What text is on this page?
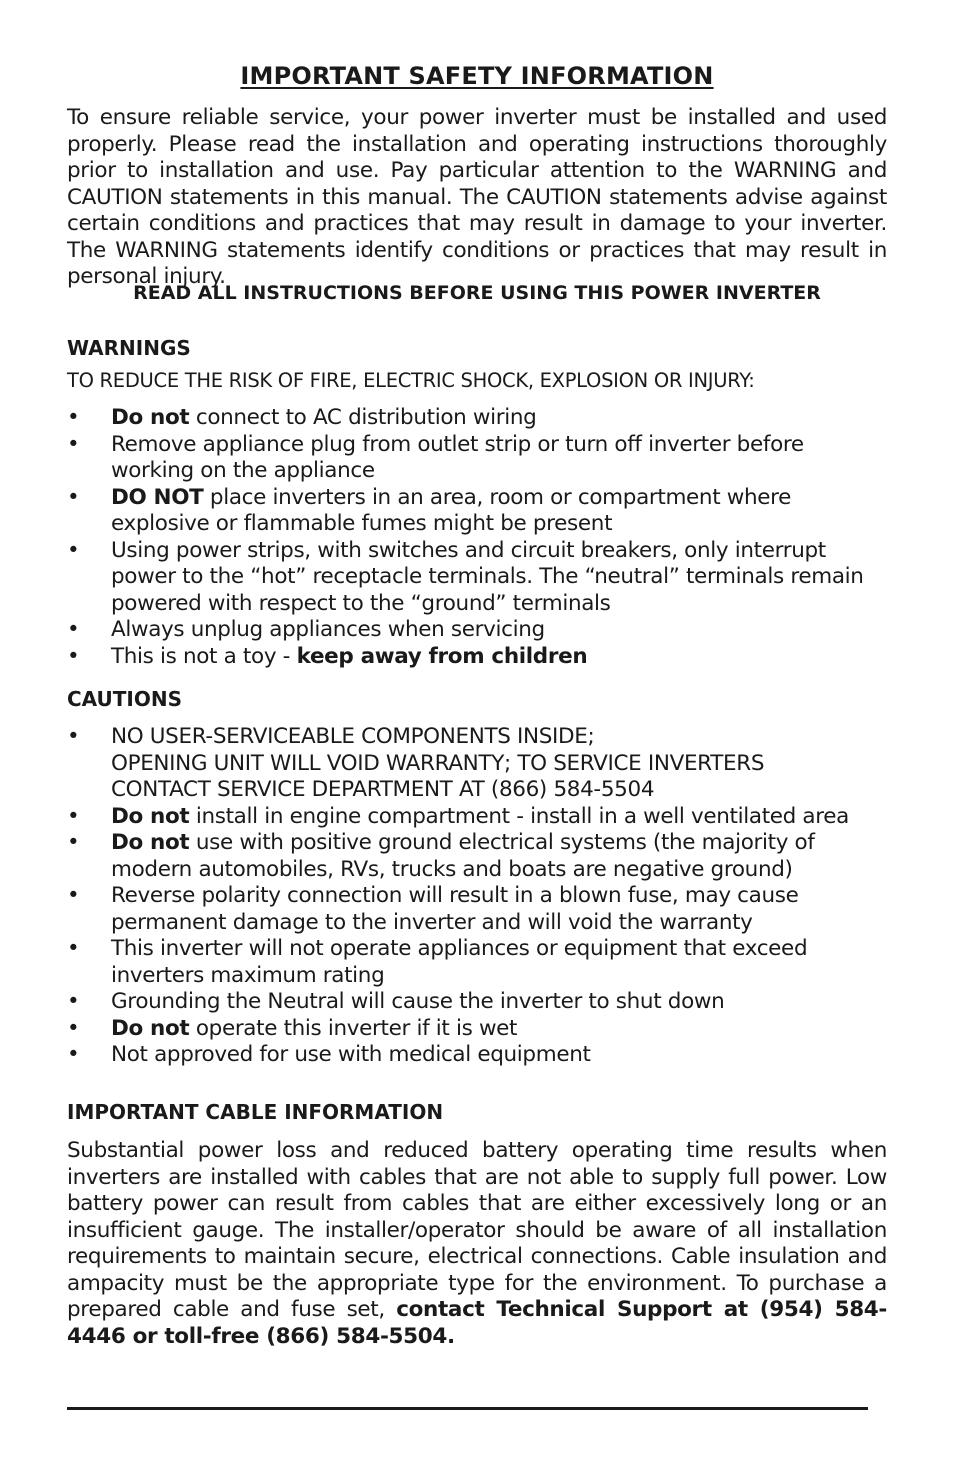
IMPORTANT SAFETY INFORMATION

To ensure reliable service, your power inverter must be installed and used properly. Please read the installation and operating instructions thoroughly prior to installation and use. Pay particular attention to the WARNING and CAUTION statements in this manual. The CAUTION statements advise against certain conditions and practices that may result in damage to your inverter. The WARNING statements identify conditions or practices that may result in personal injury.

READ ALL INSTRUCTIONS BEFORE USING THIS POWER INVERTER

WARNINGS

TO REDUCE THE RISK OF FIRE, ELECTRIC SHOCK, EXPLOSION OR INJURY:

• Do not connect to AC distribution wiring
• Remove appliance plug from outlet strip or turn off inverter before
working on the appliance
• DO NOT place inverters in an area, room or compartment where
explosive or flammable fumes might be present
• Using power strips, with switches and circuit breakers, only interrupt
power to the “hot” receptacle terminals. The “neutral” terminals remain
powered with respect to the “ground” terminals
• Always unplug appliances when servicing
• This is not a toy - keep away from children
CAUTIONS
• NO USER-SERVICEABLE COMPONENTS INSIDE;
OPENING UNIT WILL VOID WARRANTY; TO SERVICE INVERTERS
CONTACT SERVICE DEPARTMENT AT (866) 584-5504
• Do not install in engine compartment - install in a well ventilated area
• Do not use with positive ground electrical systems (the majority of
modern automobiles, RVs, trucks and boats are negative ground)
• Reverse polarity connection will result in a blown fuse, may cause
permanent damage to the inverter and will void the warranty
• This inverter will not operate appliances or equipment that exceed
inverters maximum rating
• Grounding the Neutral will cause the inverter to shut down
• Do not operate this inverter if it is wet
• Not approved for use with medical equipment
IMPORTANT CABLE INFORMATION

Substantial power loss and reduced battery operating time results when inverters are installed with cables that are not able to supply full power. Low battery power can result from cables that are either excessively long or an insufficient gauge. The installer/operator should be aware of all installation requirements to maintain secure, electrical connections. Cable insulation and ampacity must be the appropriate type for the environment. To purchase a prepared cable and fuse set, contact Technical Support at (954) 584-4446 or toll-free (866) 584-5504.
